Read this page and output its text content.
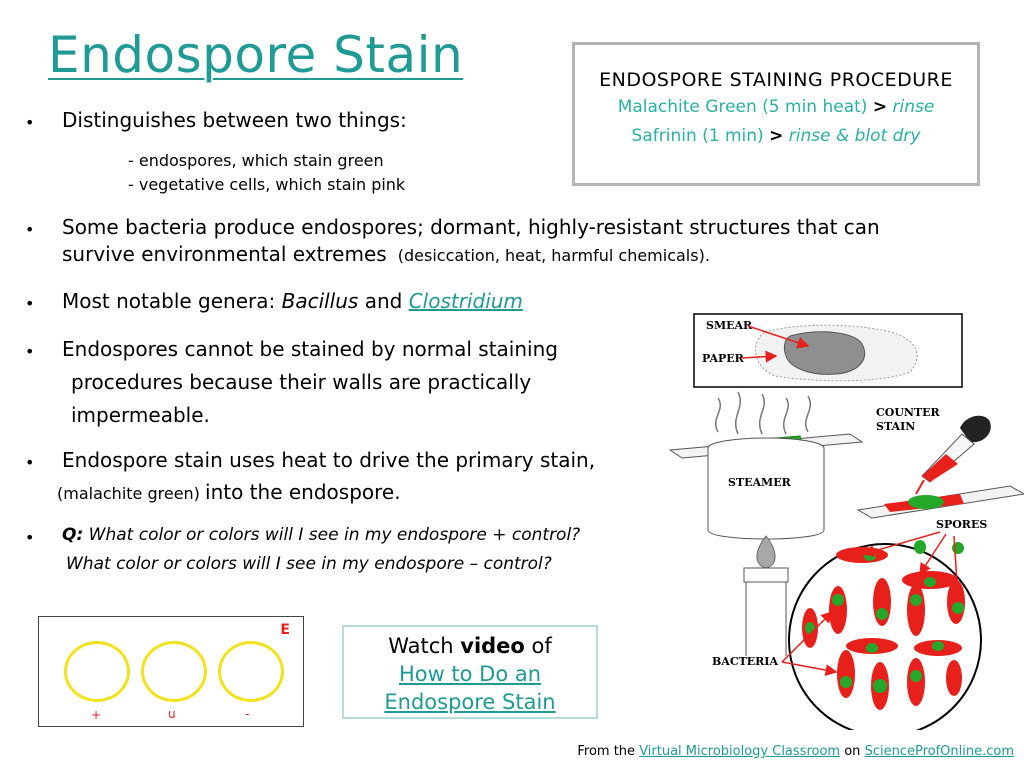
Endospore Stain
• Distinguishes between two things:
- endospores, which stain green
- vegetative cells, which stain pink
• Some bacteria produce endospores; dormant, highly-resistant structures that can
survive environmental extremes (desiccation, heat, harmful chemicals).
• Most notable genera: Bacillus and Clostridium
• Endospores cannot be stained by normal staining
procedures because their walls are practically
impermeable.
• Endospore stain uses heat to drive the primary stain,
(malachite green) into the endospore.
• Q: What color or colors will I see in my endospore + control?
What color or colors will I see in my endospore – control?
ENDOSPORE STAINING PROCEDURE
Malachite Green (5 min heat) > rinse
Safrinin (1 min) > rinse & blot dry
SMEAR
PAPER
STEAMER
COUNTER
STAIN
SPORES
BACTERIA
E
+	u	-
Watch video of
How to Do an
Endospore Stain
From the Virtual Microbiology Classroom on ScienceProfOnline.com
